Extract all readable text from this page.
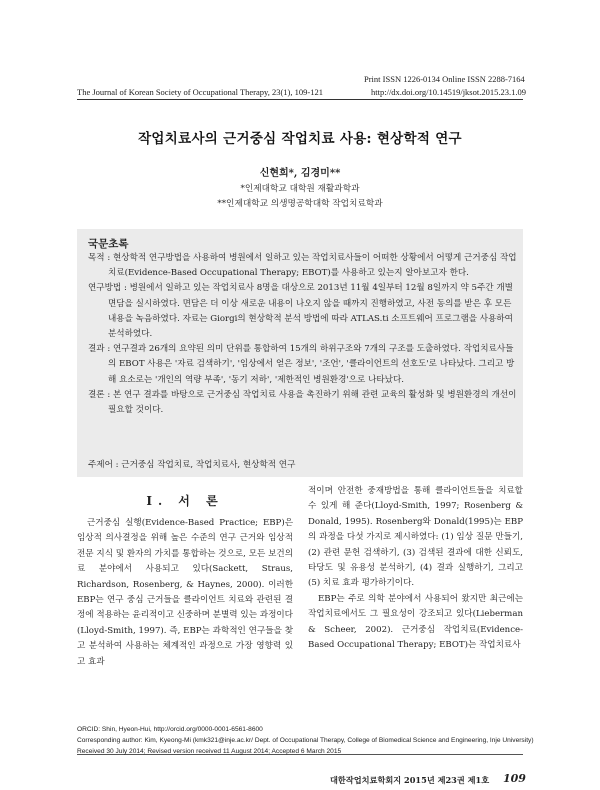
Print ISSN 1226-0134 Online ISSN 2288-7164
The Journal of Korean Society of Occupational Therapy, 23(1), 109-121	http://dx.doi.org/10.14519/jksot.2015.23.1.09
작업치료사의 근거중심 작업치료 사용: 현상학적 연구
신현희*, 김경미**
*인제대학교 대학원 재활과학과
**인제대학교 의생명공학대학 작업치료학과
국문초록

목적 : 현상학적 연구방법을 사용하여 병원에서 일하고 있는 작업치료사들이 어떠한 상황에서 어떻게 근거중심 작업치료(Evidence-Based Occupational Therapy; EBOT)를 사용하고 있는지 알아보고자 한다.

연구방법 : 병원에서 일하고 있는 작업치료사 8명을 대상으로 2013년 11월 4일부터 12월 8일까지 약 5주간 개별 면담을 실시하였다. 면담은 더 이상 새로운 내용이 나오지 않을 때까지 진행하였고, 사전 동의를 받은 후 모든 내용을 녹음하였다. 자료는 Giorgi의 현상학적 분석 방법에 따라 ATLAS.ti 소프트웨어 프로그램을 사용하여 분석하였다.

결과 : 연구결과 26개의 요약된 의미 단위를 통합하여 15개의 하위구조와 7개의 구조를 도출하였다. 작업치료사들의 EBOT 사용은 '자료 검색하기', '임상에서 얻은 정보', '조언', '클라이언트의 선호도'로 나타났다. 그리고 방해 요소로는 '개인의 역량 부족', '동기 저하', '제한적인 병원환경'으로 나타났다.

결론 : 본 연구 결과를 바탕으로 근거중심 작업치료 사용을 촉진하기 위해 관련 교육의 활성화 및 병원환경의 개선이 필요할 것이다.

주제어 : 근거중심 작업치료, 작업치료사, 현상학적 연구
Ⅰ. 서 론

근거중심 실행(Evidence-Based Practice; EBP)은 임상적 의사결정을 위해 높은 수준의 연구 근거와 임상적 전문 지식 및 환자의 가치를 통합하는 것으로, 모든 보건의료 분야에서 사용되고 있다(Sackett, Straus, Richardson, Rosenberg, & Haynes, 2000). 이러한 EBP는 연구 중심 근거들을 클라이언트 치료와 관련된 결정에 적용하는 윤리적이고 신중하며 분별력 있는 과정이다(Lloyd-Smith, 1997). 즉, EBP는 과학적인 연구들을 찾고 분석하여 사용하는 체계적인 과정으로 가장 영향력 있고 효과

적이며 안전한 중재방법을 통해 클라이언트들을 치료할 수 있게 해 준다(Lloyd-Smith, 1997; Rosenberg & Donald, 1995). Rosenberg와 Donald(1995)는 EBP의 과정을 다섯 가지로 제시하였다: (1) 임상 질문 만들기, (2) 관련 문헌 검색하기, (3) 검색된 결과에 대한 신뢰도, 타당도 및 유용성 분석하기, (4) 결과 실행하기, 그리고 (5) 치료 효과 평가하기이다.

EBP는 주로 의학 분야에서 사용되어 왔지만 최근에는 작업치료에서도 그 필요성이 강조되고 있다(Lieberman & Scheer, 2002). 근거중심 작업치료(Evidence-Based Occupational Therapy; EBOT)는 작업치료사

ORCID: Shin, Hyeon-Hui, http://orcid.org/0000-0001-6561-8600
Corresponding author: Kim, Kyeong-Mi (kmk321@inje.ac.kr/ Dept. of Occupational Therapy, College of Biomedical Science and Engineering, Inje University)
Received 30 July 2014; Revised version received 11 August 2014; Accepted 6 March 2015
대한작업치료학회지 2015년 제23권 제1호 109
